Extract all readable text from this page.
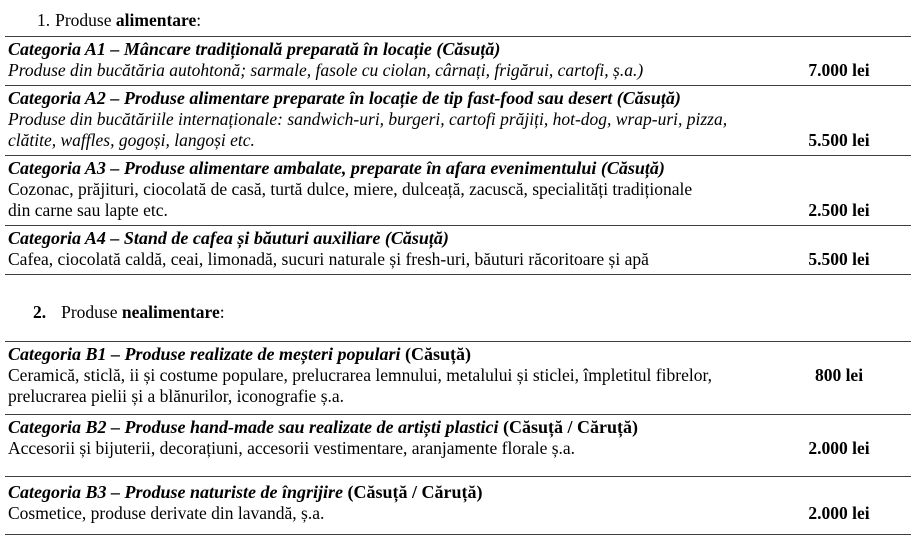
1. Produse alimentare:
Categoria A1 – Mâncare tradițională preparată în locație (Căsuță)
Produse din bucătăria autohtonă; sarmale, fasole cu ciolan, cârnați, frigărui, cartofi, ș.a.)	7.000 lei
Categoria A2 – Produse alimentare preparate în locație de tip fast-food sau desert (Căsuță)
Produse din bucătăriile internaționale: sandwich-uri, burgeri, cartofi prăjiți, hot-dog, wrap-uri, pizza,
clătite, waffles, gogoși, langoși etc.	5.500 lei
Categoria A3 – Produse alimentare ambalate, preparate în afara evenimentului (Căsuță)
Cozonac, prăjituri, ciocolată de casă, turtă dulce, miere, dulceață, zacuscă, specialități tradiționale
din carne sau lapte etc.	2.500 lei
Categoria A4 – Stand de cafea și băuturi auxiliare (Căsuță)
Cafea, ciocolată caldă, ceai, limonadă, sucuri naturale și fresh-uri, băuturi răcoritoare și apă	5.500 lei
2. Produse nealimentare:
Categoria B1 – Produse realizate de meșteri populari (Căsuță)
Ceramică, sticlă, ii și costume populare, prelucrarea lemnului, metalului și sticlei, împletitul fibrelor,	800 lei
prelucrarea pielii și a blănurilor, iconografie ș.a.
Categoria B2 – Produse hand-made sau realizate de artiști plastici (Căsuță / Căruță)
Accesorii și bijuterii, decorațiuni, accesorii vestimentare, aranjamente florale ș.a.	2.000 lei
Categoria B3 – Produse naturiste de îngrijire (Căsuță / Căruță)
Cosmetice, produse derivate din lavandă, ș.a.	2.000 lei
